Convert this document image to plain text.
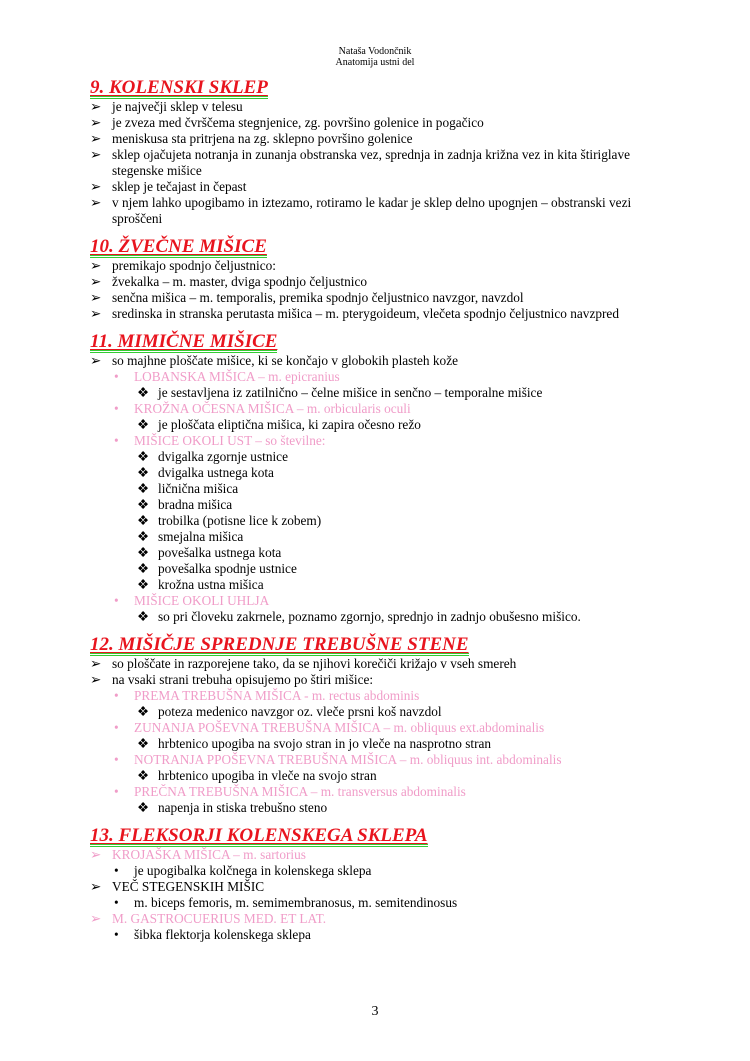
Nataša Vodončnik
Anatomija ustni del
9. KOLENSKI SKLEP
➢ je največji sklep v telesu
➢ je zveza med čvrščema stegnjenice, zg. površino golenice in pogačico
➢ meniskusa sta pritrjena na zg. sklepno površino golenice
➢ sklep ojačujeta notranja in zunanja obstranska vez, sprednja in zadnja križna vez in kita štiriglave stegenske mišice
➢ sklep je tečajast in čepast
➢ v njem lahko upogibamo in iztezamo, rotiramo le kadar je sklep delno upognjen – obstranski vezi sproščeni
10. ŽVEČNE MIŠICE
➢ premikajo spodnjo čeljustnico:
➢ žvekalka – m. master, dviga spodnjo čeljustnico
➢ senčna mišica – m. temporalis, premika spodnjo čeljustnico navzgor, navzdol
➢ sredinska in stranska perutasta mišica – m. pterygoideum, vlečeta spodnjo čeljustnico navzpred
11. MIMIČNE MIŠICE
➢ so majhne ploščate mišice, ki se končajo v globokih plasteh kože
• LOBANSKA MIŠICA – m. epicranius
❖ je sestavljena iz zatilnično – čelne mišice in senčno – temporalne mišice
• KROŽNA OČESNA MIŠICA – m. orbicularis oculi
❖ je ploščata eliptična mišica, ki zapira očesno režo
• MIŠICE OKOLI UST – so številne:
❖ dvigalka zgornje ustnice
❖ dvigalka ustnega kota
❖ ličnična mišica
❖ bradna mišica
❖ trobilka (potisne lice k zobem)
❖ smejalna mišica
❖ povešalka ustnega kota
❖ povešalka spodnje ustnice
❖ krožna ustna mišica
• MIŠICE OKOLI UHLJA
❖ so pri človeku zakrnele, poznamo zgornjo, sprednjo in zadnjo obušesno mišico.
12. MIŠIČJE SPREDNJE TREBUŠNE STENE
➢ so ploščate in razporejene tako, da se njihovi korečiči križajo v vseh smereh
➢ na vsaki strani trebuha opisujemo po štiri mišice:
• PREMA TREBUŠNA MIŠICA - m. rectus abdominis
❖ poteza medenico navzgor oz. vleče prsni koš navzdol
• ZUNANJA POŠEVNA TREBUŠNA MIŠICA – m. obliquus ext.abdominalis
❖ hrbtenico upogiba na svojo stran in jo vleče na nasprotno stran
• NOTRANJA PPOŠEVNA TREBUŠNA MIŠICA – m. obliquus int. abdominalis
❖ hrbtenico upogiba in vleče na svojo stran
• PREČNA TREBUŠNA MIŠICA – m. transversus abdominalis
❖ napenja in stiska trebušno steno
13. FLEKSORJI KOLENSKEGA SKLEPA
➢ KROJAŠKA MIŠICA – m. sartorius
• je upogibalka kolčnega in kolenskega sklepa
➢ VEČ STEGENSKIH MIŠIC
• m. biceps femoris, m. semimembranosus, m. semitendinosus
➢ M. GASTROCUERIUS MED. ET LAT.
• šibka flektorja kolenskega sklepa
3
